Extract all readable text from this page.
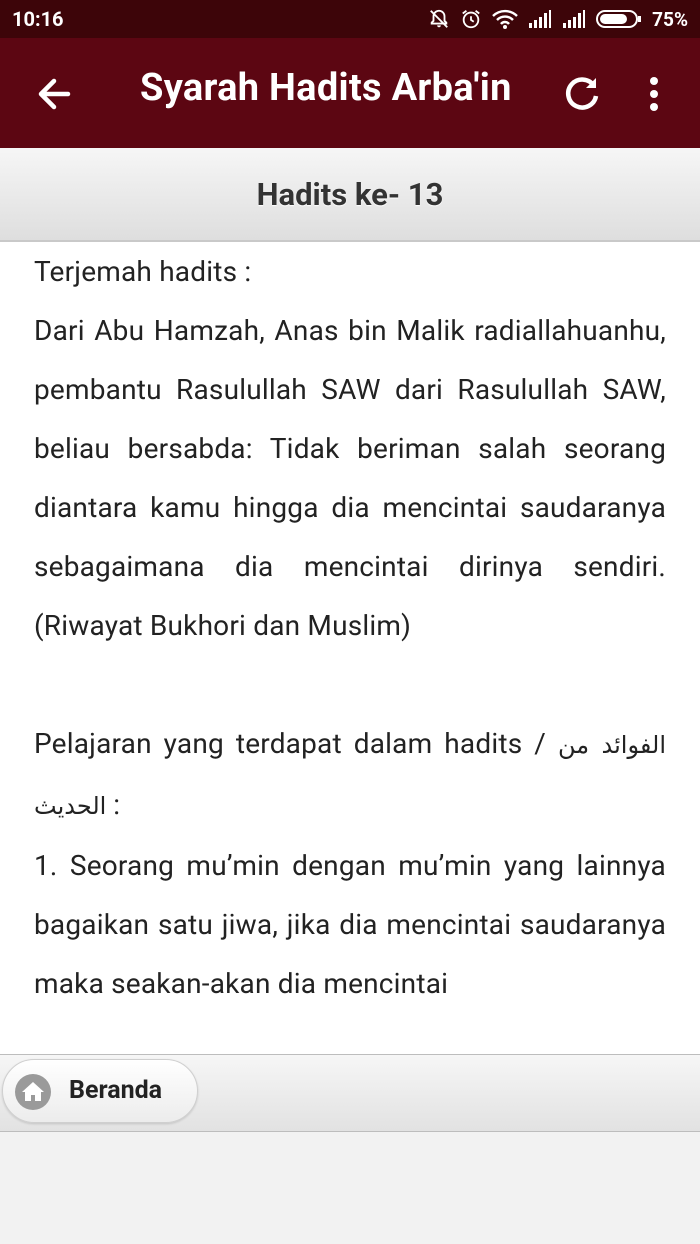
10:16	75%
Syarah Hadits Arba'in
Hadits ke- 13

Terjemah hadits :

Dari Abu Hamzah, Anas bin Malik radiallahuanhu, pembantu Rasulullah SAW dari Rasulullah SAW, beliau bersabda: Tidak beriman salah seorang diantara kamu hingga dia mencintai saudaranya sebagaimana dia mencintai dirinya sendiri. (Riwayat Bukhori dan Muslim)

Pelajaran yang terdapat dalam hadits / الفوائد من الحديث :

1. Seorang mu’min dengan mu’min yang lainnya bagaikan satu jiwa, jika dia mencintai saudaranya maka seakan-akan dia mencintai

Beranda
